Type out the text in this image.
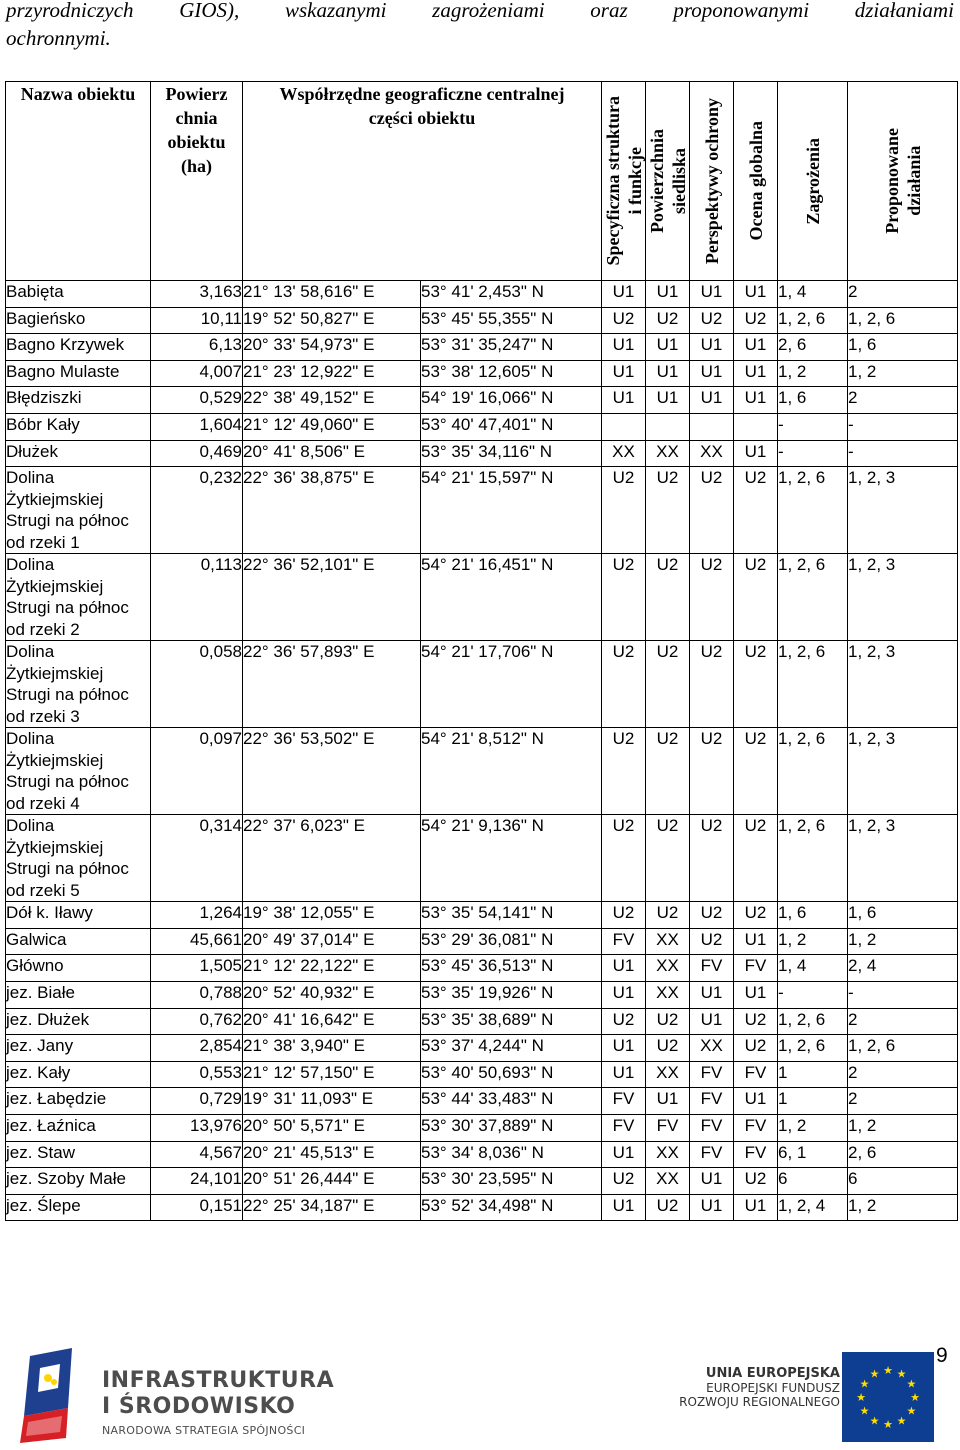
przyrodniczych GIOS), wskazanymi zagrożeniami oraz proponowanymi działaniami
ochronnymi.
Nazwa obiektu	Powierz
chnia
obiektu
(ha)	Współrzędne geograficzne centralnej części obiektu		Specyficzna struktura
i funkcje	Powierzchnia
siedliska	Perspektywy ochrony	Ocena globalna	Zagrożenia	Proponowane
działania

Babięta	3,163	21° 13' 58,616" E	53° 41' 2,453" N	U1	U1	U1	U1	1, 4	2
Bagieńsko	10,11	19° 52' 50,827" E	53° 45' 55,355" N	U2	U2	U2	U2	1, 2, 6	1, 2, 6
Bagno Krzywek	6,13	20° 33' 54,973" E	53° 31' 35,247" N	U1	U1	U1	U1	2, 6	1, 6
Bagno Mulaste	4,007	21° 23' 12,922" E	53° 38' 12,605" N	U1	U1	U1	U1	1, 2	1, 2
Błędziszki	0,529	22° 38' 49,152" E	54° 19' 16,066" N	U1	U1	U1	U1	1, 6	2
Bóbr Kały	1,604	21° 12' 49,060" E	53° 40' 47,401" N					-	-
Dłużek	0,469	20° 41' 8,506" E	53° 35' 34,116" N	XX	XX	XX	U1	-	-
Dolina Żytkiejmskiej Strugi na północ od rzeki 1	0,232	22° 36' 38,875" E	54° 21' 15,597" N	U2	U2	U2	U2	1, 2, 6	1, 2, 3
Dolina Żytkiejmskiej Strugi na północ od rzeki 2	0,113	22° 36' 52,101" E	54° 21' 16,451" N	U2	U2	U2	U2	1, 2, 6	1, 2, 3
Dolina Żytkiejmskiej Strugi na północ od rzeki 3	0,058	22° 36' 57,893" E	54° 21' 17,706" N	U2	U2	U2	U2	1, 2, 6	1, 2, 3
Dolina Żytkiejmskiej Strugi na północ od rzeki 4	0,097	22° 36' 53,502" E	54° 21' 8,512" N	U2	U2	U2	U2	1, 2, 6	1, 2, 3
Dolina Żytkiejmskiej Strugi na północ od rzeki 5	0,314	22° 37' 6,023" E	54° 21' 9,136" N	U2	U2	U2	U2	1, 2, 6	1, 2, 3
Dół k. Iławy	1,264	19° 38' 12,055" E	53° 35' 54,141" N	U2	U2	U2	U2	1, 6	1, 6
Galwica	45,661	20° 49' 37,014" E	53° 29' 36,081" N	FV	XX	U2	U1	1, 2	1, 2
Główno	1,505	21° 12' 22,122" E	53° 45' 36,513" N	U1	XX	FV	FV	1, 4	2, 4
jez. Białe	0,788	20° 52' 40,932" E	53° 35' 19,926" N	U1	XX	U1	U1	-	-
jez. Dłużek	0,762	20° 41' 16,642" E	53° 35' 38,689" N	U2	U2	U1	U2	1, 2, 6	2
jez. Jany	2,854	21° 38' 3,940" E	53° 37' 4,244" N	U1	U2	XX	U2	1, 2, 6	1, 2, 6
jez. Kały	0,553	21° 12' 57,150" E	53° 40' 50,693" N	U1	XX	FV	FV	1	2
jez. Łabędzie	0,729	19° 31' 11,093" E	53° 44' 33,483" N	FV	U1	FV	U1	1	2
jez. Łaźnica	13,976	20° 50' 5,571" E	53° 30' 37,889" N	FV	FV	FV	FV	1, 2	1, 2
jez. Staw	4,567	20° 21' 45,513" E	53° 34' 8,036" N	U1	XX	FV	FV	6, 1	2, 6
jez. Szoby Małe	24,101	20° 51' 26,444" E	53° 30' 23,595" N	U2	XX	U1	U2	6	6
jez. Ślepe	0,151	22° 25' 34,187" E	53° 52' 34,498" N	U1	U2	U1	U1	1, 2, 4	1, 2
INFRASTRUKTURA
I ŚRODOWISKO
NARODOWA STRATEGIA SPÓJNOŚCI
UNIA EUROPEJSKA
EUROPEJSKI FUNDUSZ
ROZWOJU REGIONALNEGO	★
★
★
★
★
★
★
★
★ ★ ★
★
9
